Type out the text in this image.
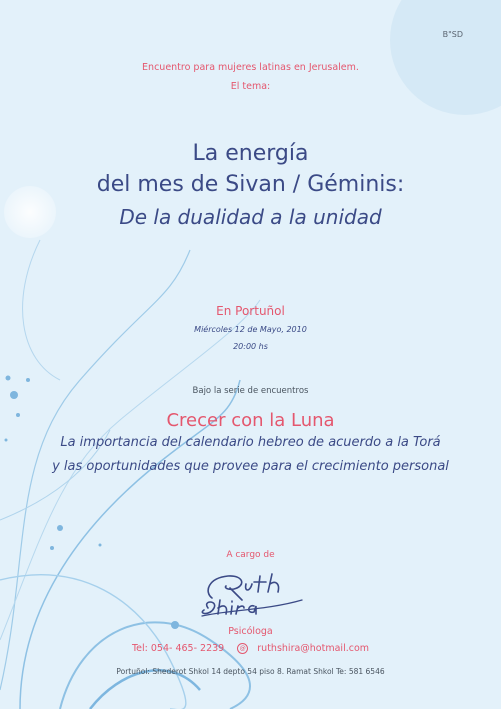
B"SD
Encuentro para mujeres latinas en Jerusalem.
El tema:
La energía
del mes de Sivan / Géminis:
De la dualidad a la unidad
En Portuñol
Miércoles 12 de Mayo, 2010
20:00 hs
Bajo la serie de encuentros
Crecer con la Luna
La importancia del calendario hebreo de acuerdo a la Torá
y las oportunidades que provee para el crecimiento personal
A cargo de
Psicóloga
Tel: 054- 465- 2239	@ ruthshira@hotmail.com
Portuñol: Shederot Shkol 14 depto 54 piso 8. Ramat Shkol Te: 581 6546
